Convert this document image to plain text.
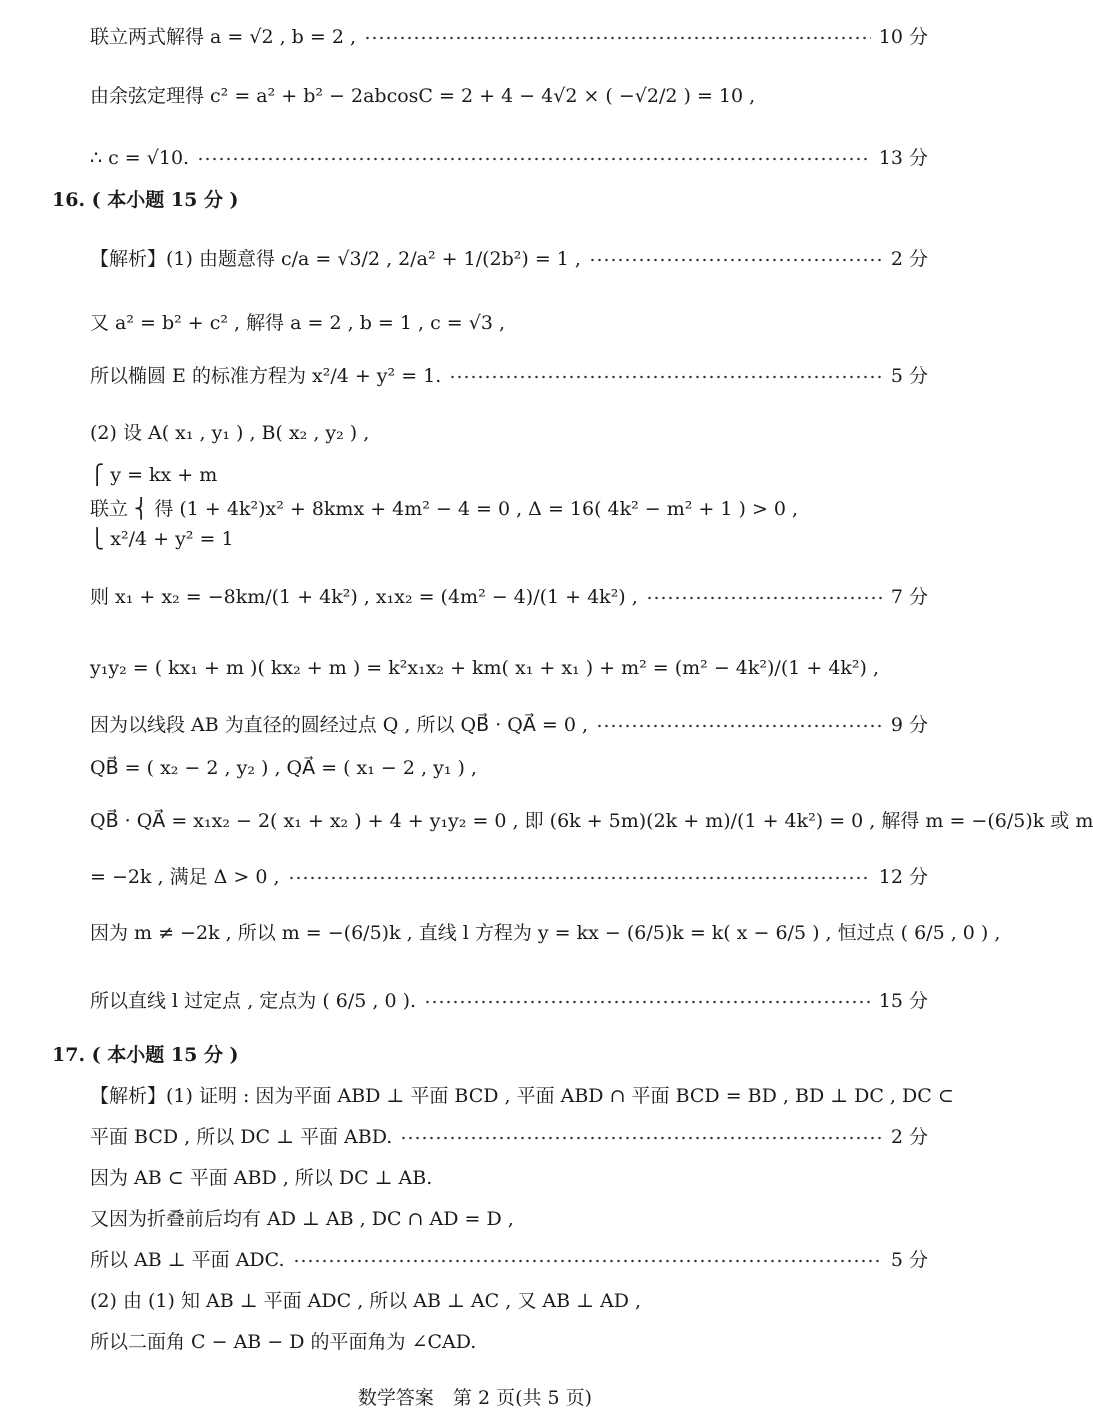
联立两式解得 a = √2 , b = 2 ,	10 分
由余弦定理得 c² = a² + b² − 2abcosC = 2 + 4 − 4√2 × ( −√2/2 ) = 10 ,
∴ c = √10.	13 分
16. ( 本小题 15 分 )
【解析】(1) 由题意得 c/a = √3/2 , 2/a² + 1/(2b²) = 1 ,	2 分
又 a² = b² + c² , 解得 a = 2 , b = 1 , c = √3 ,
所以椭圆 E 的标准方程为 x²/4 + y² = 1.	5 分
(2) 设 A( x₁ , y₁ ) , B( x₂ , y₂ ) ,
⎧ y = kx + m
联立 ⎨ 得 (1 + 4k²)x² + 8kmx + 4m² − 4 = 0 , Δ = 16( 4k² − m² + 1 ) > 0 ,
⎩ x²/4 + y² = 1
则 x₁ + x₂ = −8km/(1 + 4k²) , x₁x₂ = (4m² − 4)/(1 + 4k²) ,	7 分
y₁y₂ = ( kx₁ + m )( kx₂ + m ) = k²x₁x₂ + km( x₁ + x₁ ) + m² = (m² − 4k²)/(1 + 4k²) ,
因为以线段 AB 为直径的圆经过点 Q , 所以 QB⃗ · QA⃗ = 0 ,	9 分
QB⃗ = ( x₂ − 2 , y₂ ) , QA⃗ = ( x₁ − 2 , y₁ ) ,
QB⃗ · QA⃗ = x₁x₂ − 2( x₁ + x₂ ) + 4 + y₁y₂ = 0 , 即 (6k + 5m)(2k + m)/(1 + 4k²) = 0 , 解得 m = −(6/5)k 或 m
= −2k , 满足 Δ > 0 ,	12 分
因为 m ≠ −2k , 所以 m = −(6/5)k , 直线 l 方程为 y = kx − (6/5)k = k( x − 6/5 ) , 恒过点 ( 6/5 , 0 ) ,
所以直线 l 过定点 , 定点为 ( 6/5 , 0 ).	15 分
17. ( 本小题 15 分 )
【解析】(1) 证明 : 因为平面 ABD ⊥ 平面 BCD , 平面 ABD ∩ 平面 BCD = BD , BD ⊥ DC , DC ⊂
平面 BCD , 所以 DC ⊥ 平面 ABD.	2 分
因为 AB ⊂ 平面 ABD , 所以 DC ⊥ AB.
又因为折叠前后均有 AD ⊥ AB , DC ∩ AD = D ,
所以 AB ⊥ 平面 ADC.	5 分
(2) 由 (1) 知 AB ⊥ 平面 ADC , 所以 AB ⊥ AC , 又 AB ⊥ AD ,
所以二面角 C − AB − D 的平面角为 ∠CAD.
数学答案　第 2 页(共 5 页)
